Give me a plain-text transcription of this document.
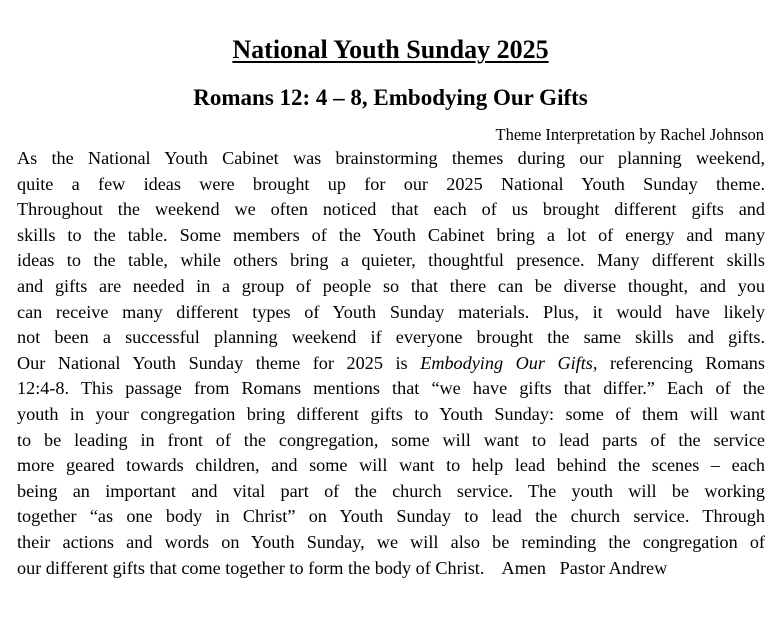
National Youth Sunday 2025
Romans 12: 4 – 8, Embodying Our Gifts
Theme Interpretation by Rachel Johnson
As the National Youth Cabinet was brainstorming themes during our planning weekend,
quite a few ideas were brought up for our 2025 National Youth Sunday theme.
Throughout the weekend we often noticed that each of us brought different gifts and
skills to the table. Some members of the Youth Cabinet bring a lot of energy and many
ideas to the table, while others bring a quieter, thoughtful presence. Many different skills
and gifts are needed in a group of people so that there can be diverse thought, and you
can receive many different types of Youth Sunday materials. Plus, it would have likely
not been a successful planning weekend if everyone brought the same skills and gifts.
Our National Youth Sunday theme for 2025 is Embodying Our Gifts, referencing Romans
12:4-8. This passage from Romans mentions that “we have gifts that differ.” Each of the
youth in your congregation bring different gifts to Youth Sunday: some of them will want
to be leading in front of the congregation, some will want to lead parts of the service
more geared towards children, and some will want to help lead behind the scenes – each
being an important and vital part of the church service. The youth will be working
together “as one body in Christ” on Youth Sunday to lead the church service. Through
their actions and words on Youth Sunday, we will also be reminding the congregation of
our different gifts that come together to form the body of Christ.    Amen   Pastor Andrew
